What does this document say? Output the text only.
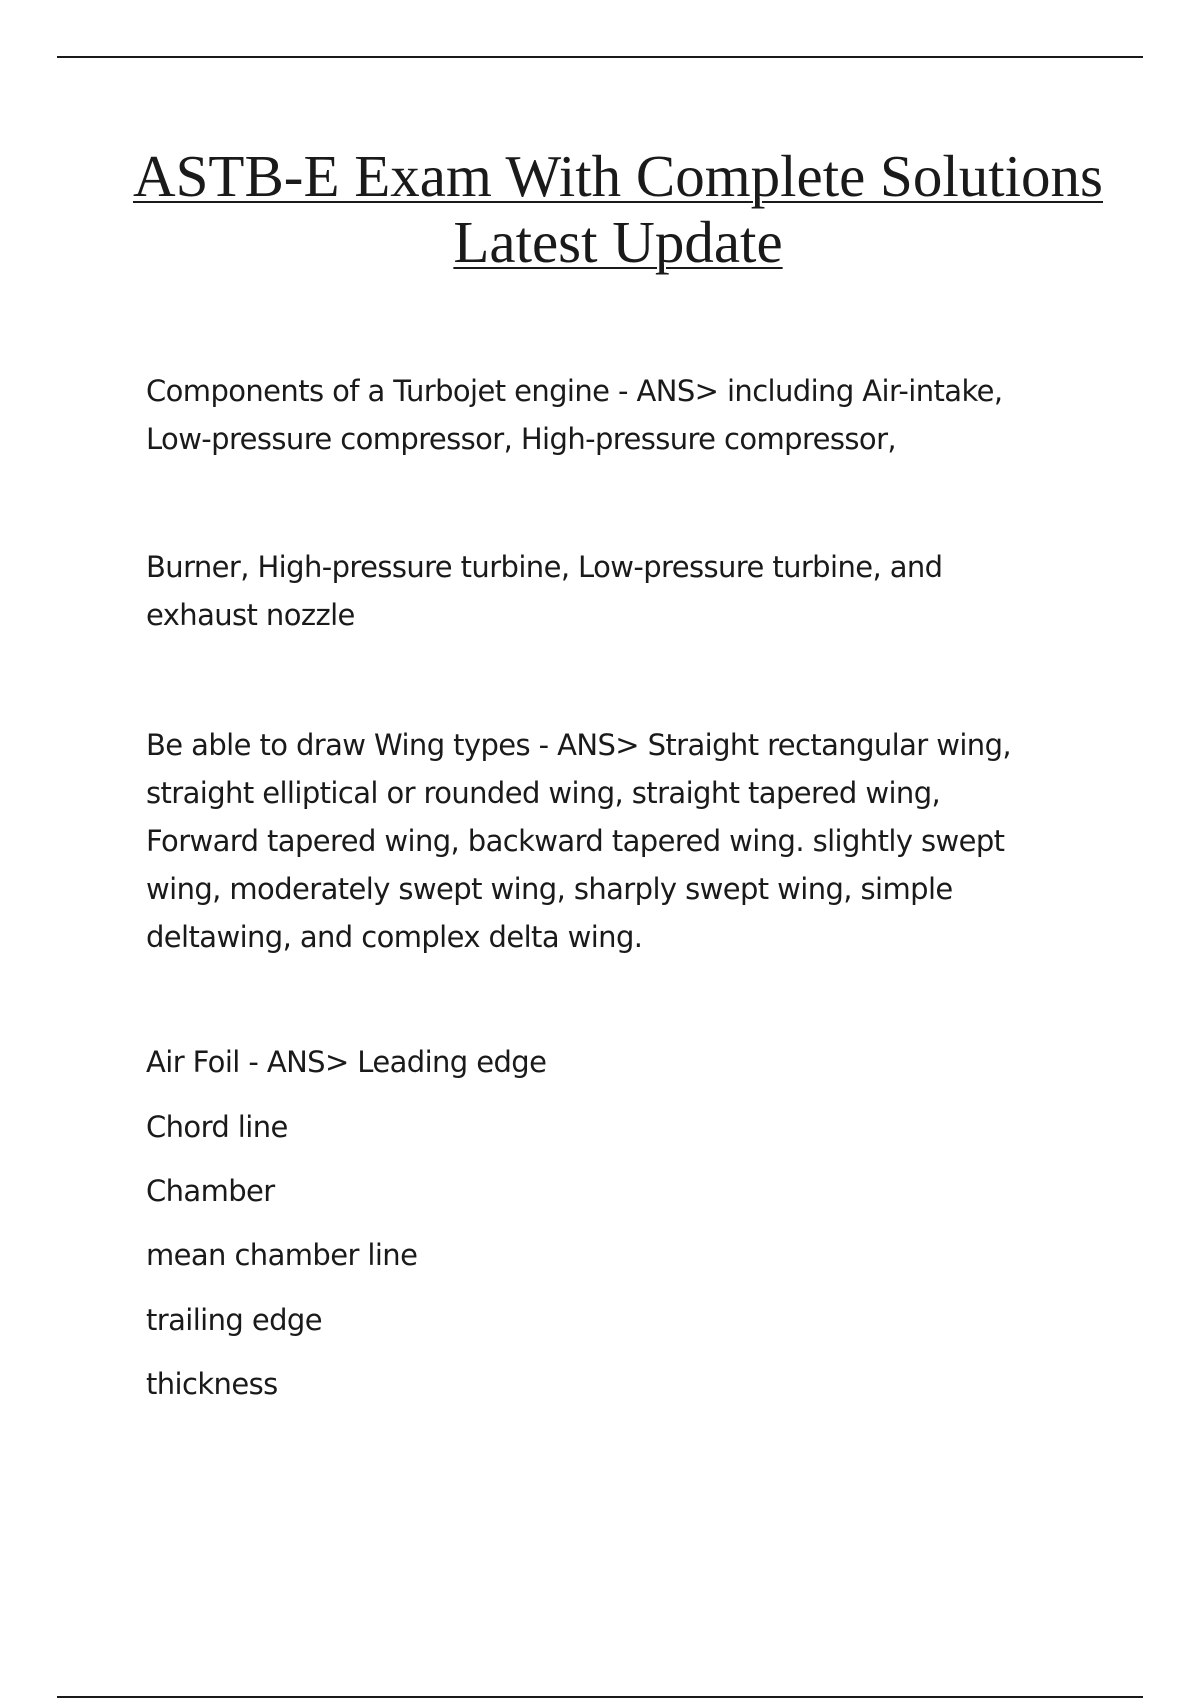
ASTB-E Exam With Complete Solutions
Latest Update

Components of a Turbojet engine - ANS> including Air-intake,
Low-pressure compressor, High-pressure compressor,

Burner, High-pressure turbine, Low-pressure turbine, and
exhaust nozzle

Be able to draw Wing types - ANS> Straight rectangular wing,
straight elliptical or rounded wing, straight tapered wing,
Forward tapered wing, backward tapered wing. slightly swept
wing, moderately swept wing, sharply swept wing, simple
deltawing, and complex delta wing.

Air Foil - ANS> Leading edge

Chord line

Chamber

mean chamber line

trailing edge

thickness
